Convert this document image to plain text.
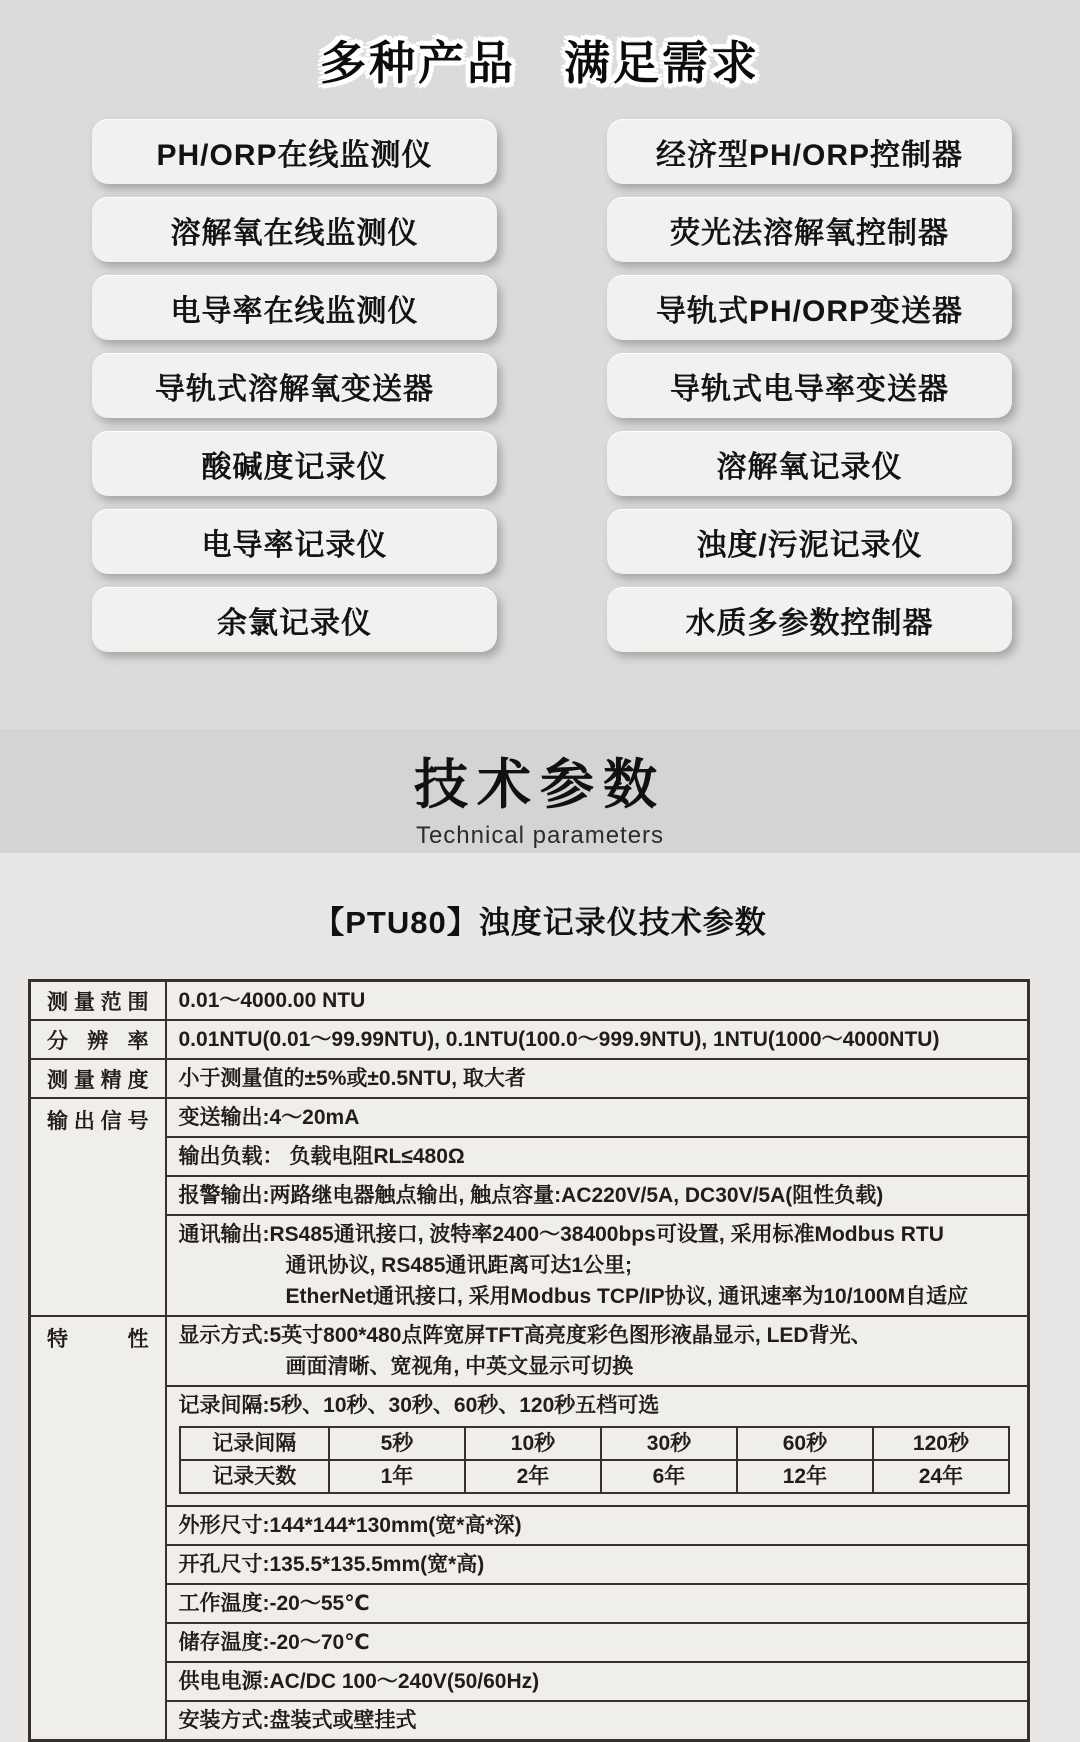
多种产品 满足需求
PH/ORP在线监测仪
溶解氧在线监测仪
电导率在线监测仪
导轨式溶解氧变送器
酸碱度记录仪
电导率记录仪
余氯记录仪
经济型PH/ORP控制器
荧光法溶解氧控制器
导轨式PH/ORP变送器
导轨式电导率变送器
溶解氧记录仪
浊度/污泥记录仪
水质多参数控制器
技术参数
Technical parameters
【PTU80】浊度记录仪技术参数
测量范围	0.01～4000.00 NTU
分辨率	0.01NTU(0.01～99.99NTU), 0.1NTU(100.0～999.9NTU), 1NTU(1000～4000NTU)
测量精度	小于测量值的±5%或±0.5NTU, 取大者
输出信号	变送输出:4～20mA
输出负载： 负载电阻RL≤480Ω
报警输出:两路继电器触点输出, 触点容量:AC220V/5A, DC30V/5A(阻性负载)

通讯输出:RS485通讯接口, 波特率2400～38400bps可设置, 采用标准Modbus RTU
通讯协议, RS485通讯距离可达1公里;
EtherNet通讯接口, 采用Modbus TCP/IP协议, 通讯速率为10/100M自适应

特性	显示方式:5英寸800*480点阵宽屏TFT高亮度彩色图形液晶显示, LED背光、
画面清晰、宽视角, 中英文显示可切换

记录间隔:5秒、10秒、30秒、60秒、120秒五档可选
记录间隔	5秒	10秒	30秒	60秒	120秒
记录天数	1年	2年	6年	12年	24年

外形尺寸:144*144*130mm(宽*高*深)
开孔尺寸:135.5*135.5mm(宽*高)
工作温度:-20～55℃
储存温度:-20～70℃
供电电源:AC/DC 100～240V(50/60Hz)
安装方式:盘装式或壁挂式
